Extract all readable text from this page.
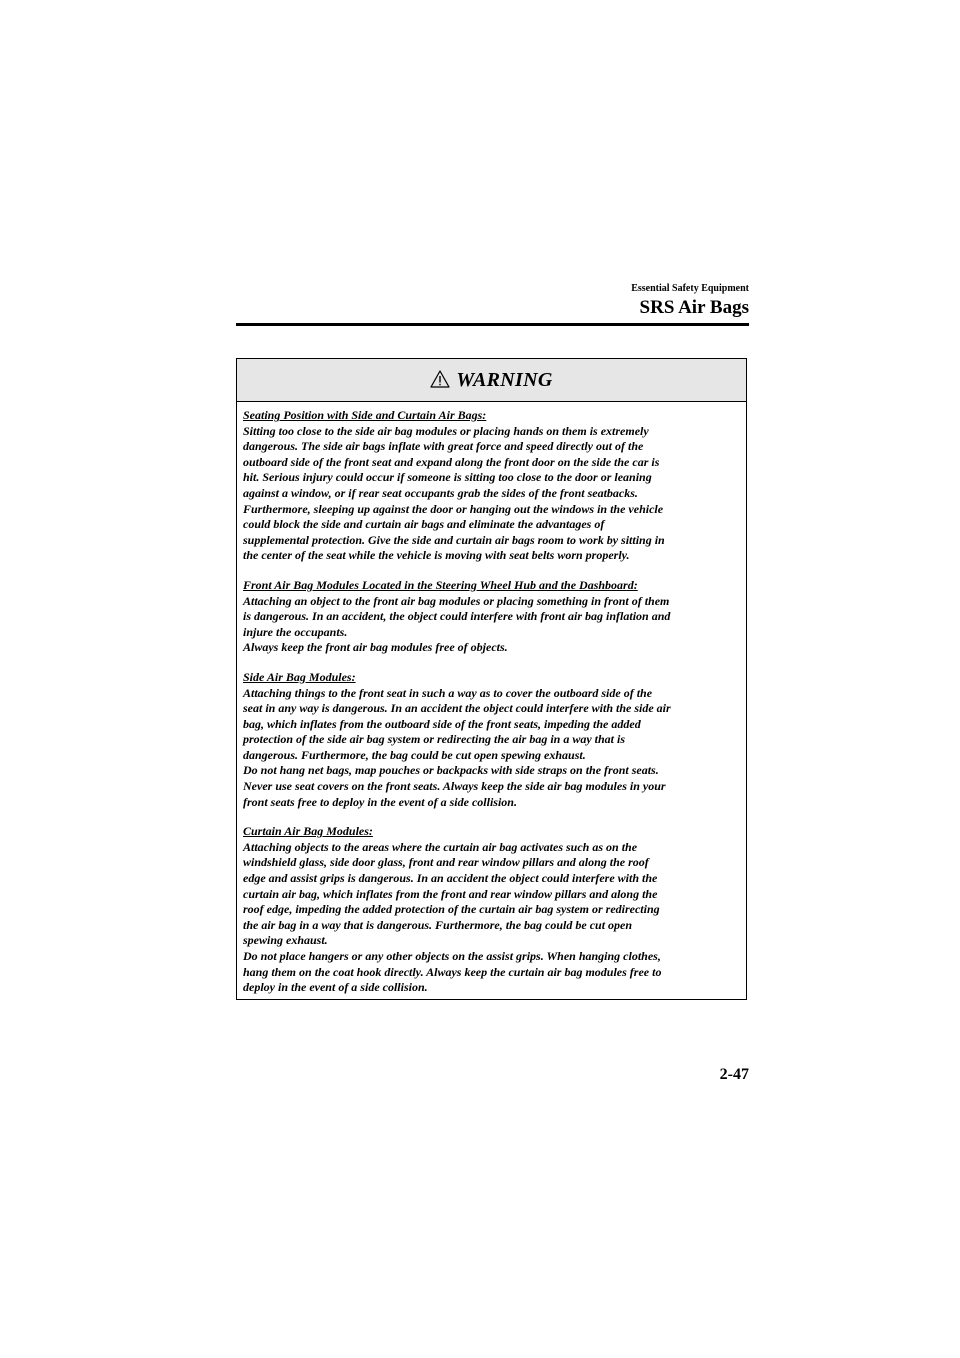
Essential Safety Equipment
SRS Air Bags
WARNING
Seating Position with Side and Curtain Air Bags:
Sitting too close to the side air bag modules or placing hands on them is extremely
dangerous. The side air bags inflate with great force and speed directly out of the
outboard side of the front seat and expand along the front door on the side the car is
hit. Serious injury could occur if someone is sitting too close to the door or leaning
against a window, or if rear seat occupants grab the sides of the front seatbacks.
Furthermore, sleeping up against the door or hanging out the windows in the vehicle
could block the side and curtain air bags and eliminate the advantages of
supplemental protection. Give the side and curtain air bags room to work by sitting in
the center of the seat while the vehicle is moving with seat belts worn properly.
Front Air Bag Modules Located in the Steering Wheel Hub and the Dashboard:
Attaching an object to the front air bag modules or placing something in front of them
is dangerous. In an accident, the object could interfere with front air bag inflation and
injure the occupants.
Always keep the front air bag modules free of objects.
Side Air Bag Modules:
Attaching things to the front seat in such a way as to cover the outboard side of the
seat in any way is dangerous. In an accident the object could interfere with the side air
bag, which inflates from the outboard side of the front seats, impeding the added
protection of the side air bag system or redirecting the air bag in a way that is
dangerous. Furthermore, the bag could be cut open spewing exhaust.
Do not hang net bags, map pouches or backpacks with side straps on the front seats.
Never use seat covers on the front seats. Always keep the side air bag modules in your
front seats free to deploy in the event of a side collision.
Curtain Air Bag Modules:
Attaching objects to the areas where the curtain air bag activates such as on the
windshield glass, side door glass, front and rear window pillars and along the roof
edge and assist grips is dangerous. In an accident the object could interfere with the
curtain air bag, which inflates from the front and rear window pillars and along the
roof edge, impeding the added protection of the curtain air bag system or redirecting
the air bag in a way that is dangerous. Furthermore, the bag could be cut open
spewing exhaust.
Do not place hangers or any other objects on the assist grips. When hanging clothes,
hang them on the coat hook directly. Always keep the curtain air bag modules free to
deploy in the event of a side collision.
2-47
